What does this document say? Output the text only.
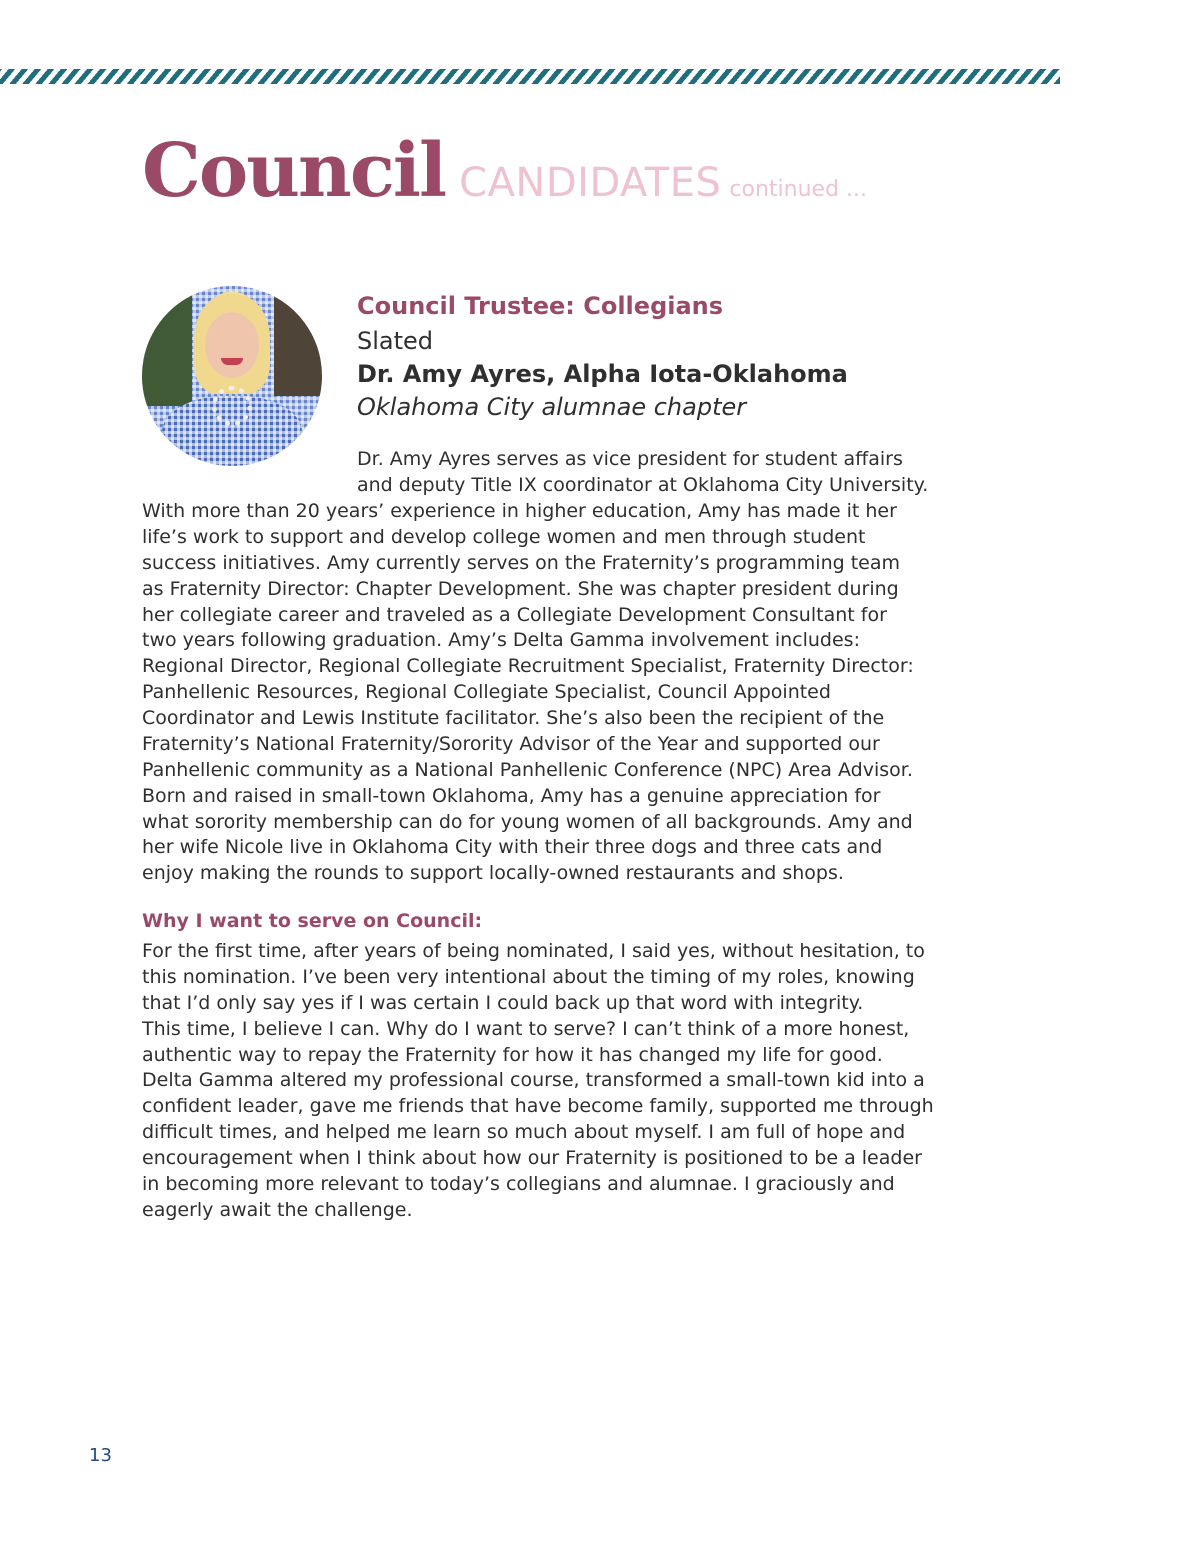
Council CANDIDATES continued ...
Council Trustee: Collegians
Slated
Dr. Amy Ayres, Alpha Iota-Oklahoma
Oklahoma City alumnae chapter
Dr. Amy Ayres serves as vice president for student affairs
and deputy Title IX coordinator at Oklahoma City University.
With more than 20 years’ experience in higher education, Amy has made it her
life’s work to support and develop college women and men through student
success initiatives. Amy currently serves on the Fraternity’s programming team
as Fraternity Director: Chapter Development. She was chapter president during
her collegiate career and traveled as a Collegiate Development Consultant for
two years following graduation. Amy’s Delta Gamma involvement includes:
Regional Director, Regional Collegiate Recruitment Specialist, Fraternity Director:
Panhellenic Resources, Regional Collegiate Specialist, Council Appointed
Coordinator and Lewis Institute facilitator. She’s also been the recipient of the
Fraternity’s National Fraternity/Sorority Advisor of the Year and supported our
Panhellenic community as a National Panhellenic Conference (NPC) Area Advisor.
Born and raised in small-town Oklahoma, Amy has a genuine appreciation for
what sorority membership can do for young women of all backgrounds. Amy and
her wife Nicole live in Oklahoma City with their three dogs and three cats and
enjoy making the rounds to support locally-owned restaurants and shops.
Why I want to serve on Council:
For the first time, after years of being nominated, I said yes, without hesitation, to
this nomination. I’ve been very intentional about the timing of my roles, knowing
that I’d only say yes if I was certain I could back up that word with integrity.
This time, I believe I can. Why do I want to serve? I can’t think of a more honest,
authentic way to repay the Fraternity for how it has changed my life for good.
Delta Gamma altered my professional course, transformed a small-town kid into a
confident leader, gave me friends that have become family, supported me through
difficult times, and helped me learn so much about myself. I am full of hope and
encouragement when I think about how our Fraternity is positioned to be a leader
in becoming more relevant to today’s collegians and alumnae. I graciously and
eagerly await the challenge.
13
